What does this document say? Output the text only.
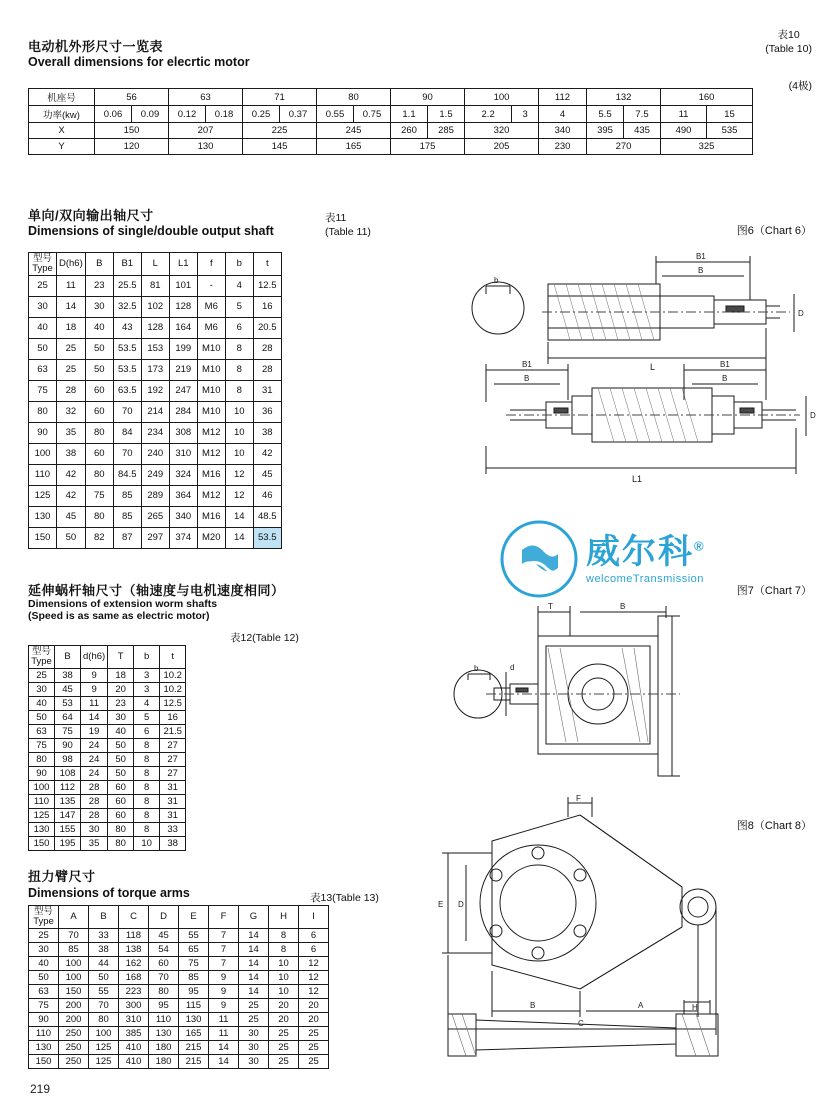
表10
(Table 10)
电动机外形尺寸一览表
Overall dimensions for elecrtic motor
(4极)
机座号	56		63		71		80		90		100		112	132		160	
功率(kw)	0.06	0.09	0.12	0.18	0.25	0.37	0.55	0.75	1.1	1.5	2.2	3	4	5.5	7.5	11	15
X	150		207		225		245		260	285	320		340	395	435	490	535
Y	120		130		145		165		175		205		230	270		325	
单向/双向输出轴尺寸
Dimensions of single/double output shaft
表11
(Table 11)	图6（Chart 6）
型号
Type	D(h6)	B	B1	L	L1	f	b	t
25	11	23	25.5	81	101	-	4	12.5
30	14	30	32.5	102	128	M6	5	16
40	18	40	43	128	164	M6	6	20.5
50	25	50	53.5	153	199	M10	8	28
63	25	50	53.5	173	219	M10	8	28
75	28	60	63.5	192	247	M10	8	31
80	32	60	70	214	284	M10	10	36
90	35	80	84	234	308	M12	10	38
100	38	60	70	240	310	M12	10	42
110	42	80	84.5	249	324	M16	12	45
125	42	75	85	289	364	M12	12	46
130	45	80	85	265	340	M16	14	48.5
150	50	82	87	297	374	M20	14	53.5
b
B1
B
D
L
B1
B
B1
B
D
L1
威尔科®
welcomeTransmission
延伸蜗杆轴尺寸（轴速度与电机速度相同）
Dimensions of extension worm shafts
(Speed is as same as electric motor)
表12(Table 12)
图7（Chart 7）
型号
Type	B	d(h6)	T	b	t
25	38	9	18	3	10.2
30	45	9	20	3	10.2
40	53	11	23	4	12.5
50	64	14	30	5	16
63	75	19	40	6	21.5
75	90	24	50	8	27
80	98	24	50	8	27
90	108	24	50	8	27
100	112	28	60	8	31
110	135	28	60	8	31
125	147	28	60	8	31
130	155	30	80	8	33
150	195	35	80	10	38
b	d
T	B
图8（Chart 8）
扭力臂尺寸
Dimensions of torque arms	表13(Table 13)
型号
Type	A	B	C	D	E	F	G	H	I
25	70	33	118	45	55	7	14	8	6
30	85	38	138	54	65	7	14	8	6
40	100	44	162	60	75	7	14	10	12
50	100	50	168	70	85	9	14	10	12
63	150	55	223	80	95	9	14	10	12
75	200	70	300	95	115	9	25	20	20
90	200	80	310	110	130	11	25	20	20
110	250	100	385	130	165	11	30	25	25
130	250	125	410	180	215	14	30	25	25
150	250	125	410	180	215	14	30	25	25
F
E D
B	A
C
H
219
